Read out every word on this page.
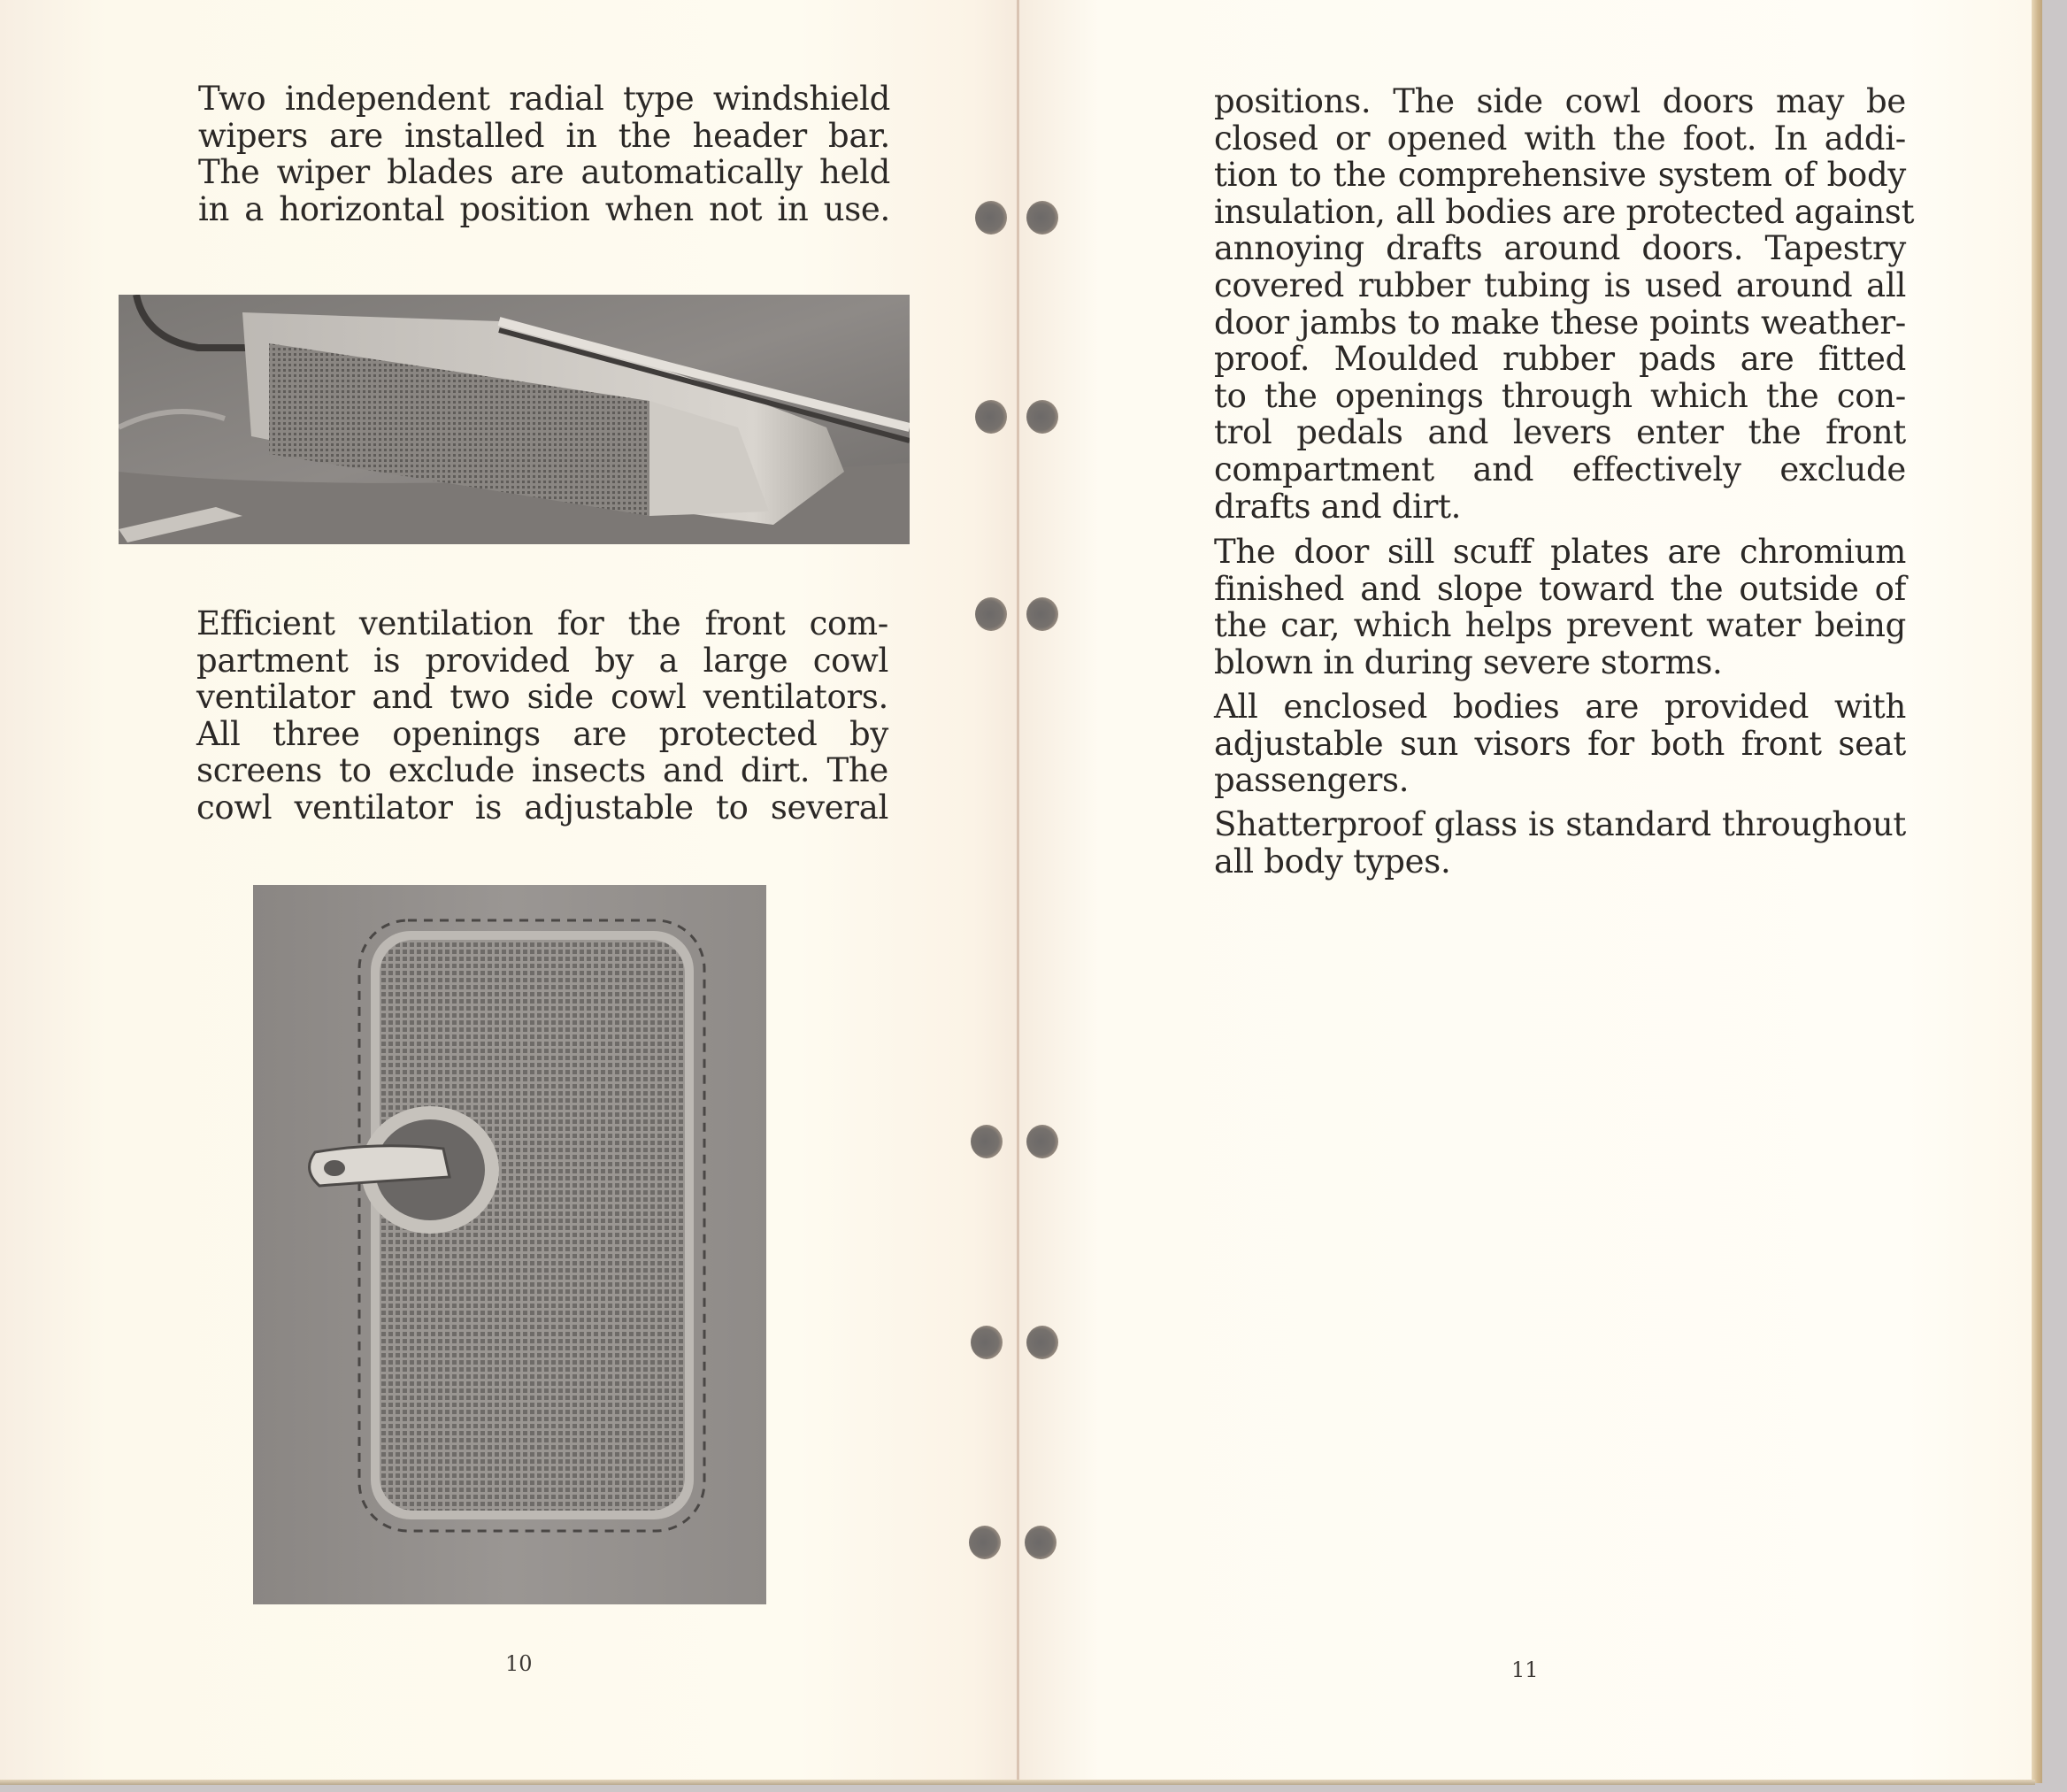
Two independent radial type windshield
wipers are installed in the header bar.
The wiper blades are automatically held
in a horizontal position when not in use.
Efficient ventilation for the front com-
partment is provided by a large cowl
ventilator and two side cowl ventilators.
All three openings are protected by
screens to exclude insects and dirt. The
cowl ventilator is adjustable to several
10
positions. The side cowl doors may be
closed or opened with the foot. In addi-
tion to the comprehensive system of body
insulation, all bodies are protected against
annoying drafts around doors. Tapestry
covered rubber tubing is used around all
door jambs to make these points weather-
proof. Moulded rubber pads are fitted
to the openings through which the con-
trol pedals and levers enter the front
compartment and effectively exclude
drafts and dirt.
The door sill scuff plates are chromium
finished and slope toward the outside of
the car, which helps prevent water being
blown in during severe storms.
All enclosed bodies are provided with
adjustable sun visors for both front seat
passengers.
Shatterproof glass is standard throughout
all body types.
11
